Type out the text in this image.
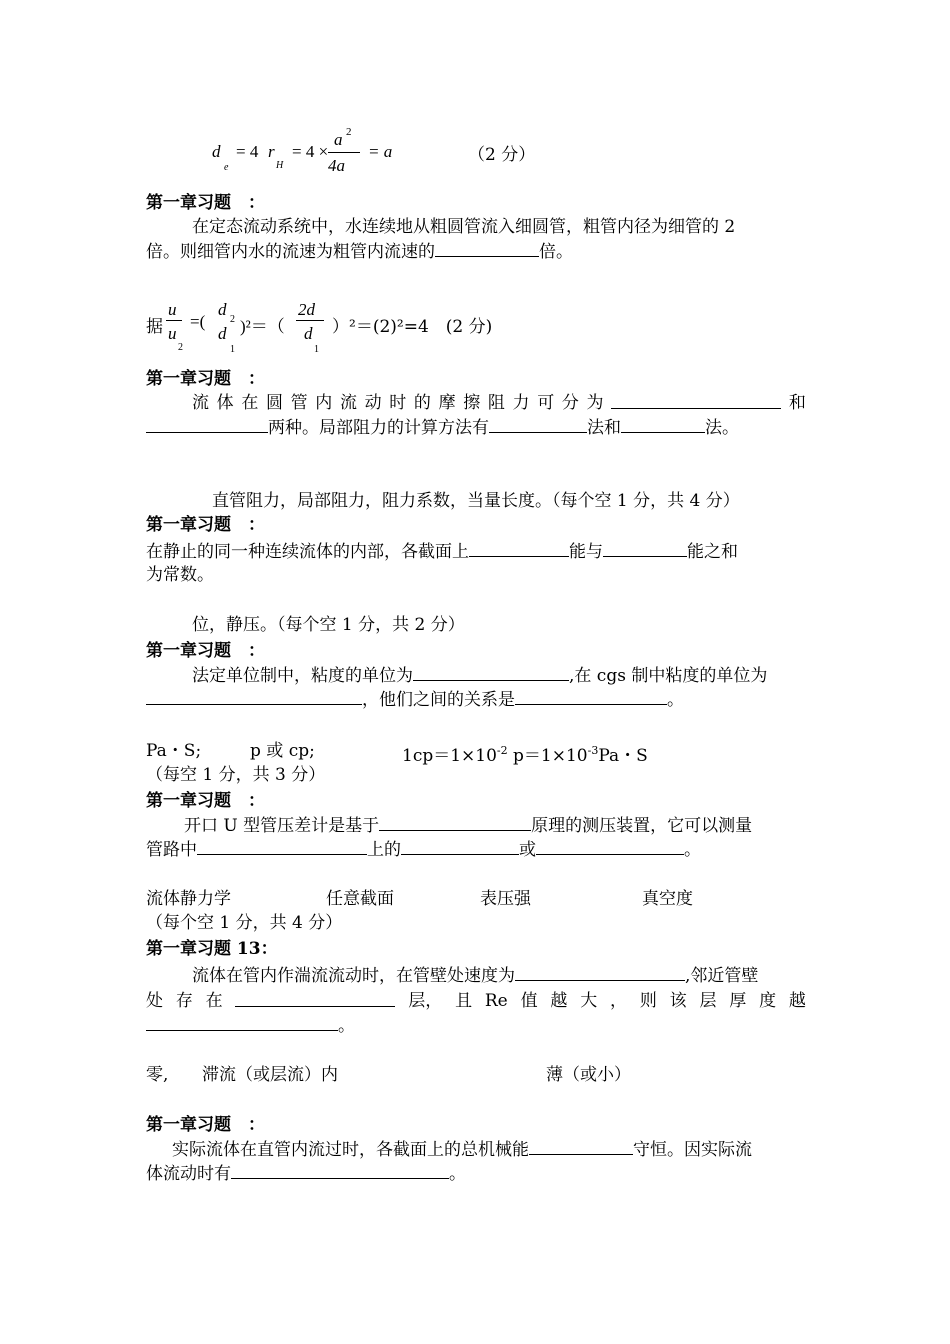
d
e
= 4 r
H
= 4 ×
a 2
4a
= a	（2 分）
第一章习题　 ：
在定态流动系统中，水连续地从粗圆管流入细圆管，粗管内径为细管的 2
倍。则细管内水的流速为粗管内流速的	倍。
据
u
u
2
=(
d
2
d
1
)²＝（
2d
d
1
）²＝(2)²=4　(2 分)
第一章习题　 ：
流 体 在 圆 管 内 流 动 时 的 摩 擦 阻 力 可 分 为	和
两种。局部阻力的计算方法有	法和	法。
直管阻力，局部阻力，阻力系数，当量长度。（每个空 1 分，共 4 分）
第一章习题　 ：
在静止的同一种连续流体的内部，各截面上	能与	能之和
为常数。
位，静压。（每个空 1 分，共 2 分）
第一章习题　 ：
法定单位制中，粘度的单位为	,在 cgs 制中粘度的单位为
，他们之间的关系是	。
Pa・S;	p 或 cp;	$1cp=1\times 10^{-2}$ $p=1\times 10^{-3}Pa$・S
（每空 1 分，共 3 分）
第一章习题　 ：
开口 U 型管压差计是基于	原理的测压装置，它可以测量
管路中	上的	或	。
流体静力学	任意截面	表压强	真空度
（每个空 1 分，共 4 分）
第一章习题 13：
流体在管内作湍流流动时，在管壁处速度为	,邻近管壁
处 存 在	层， 且 Re 值 越 大 ， 则 该 层 厚 度 越
。
零, 滞流（或层流）内	薄（或小）
第一章习题　 ：
实际流体在直管内流过时，各截面上的总机械能	守恒。因实际流
体流动时有	。
